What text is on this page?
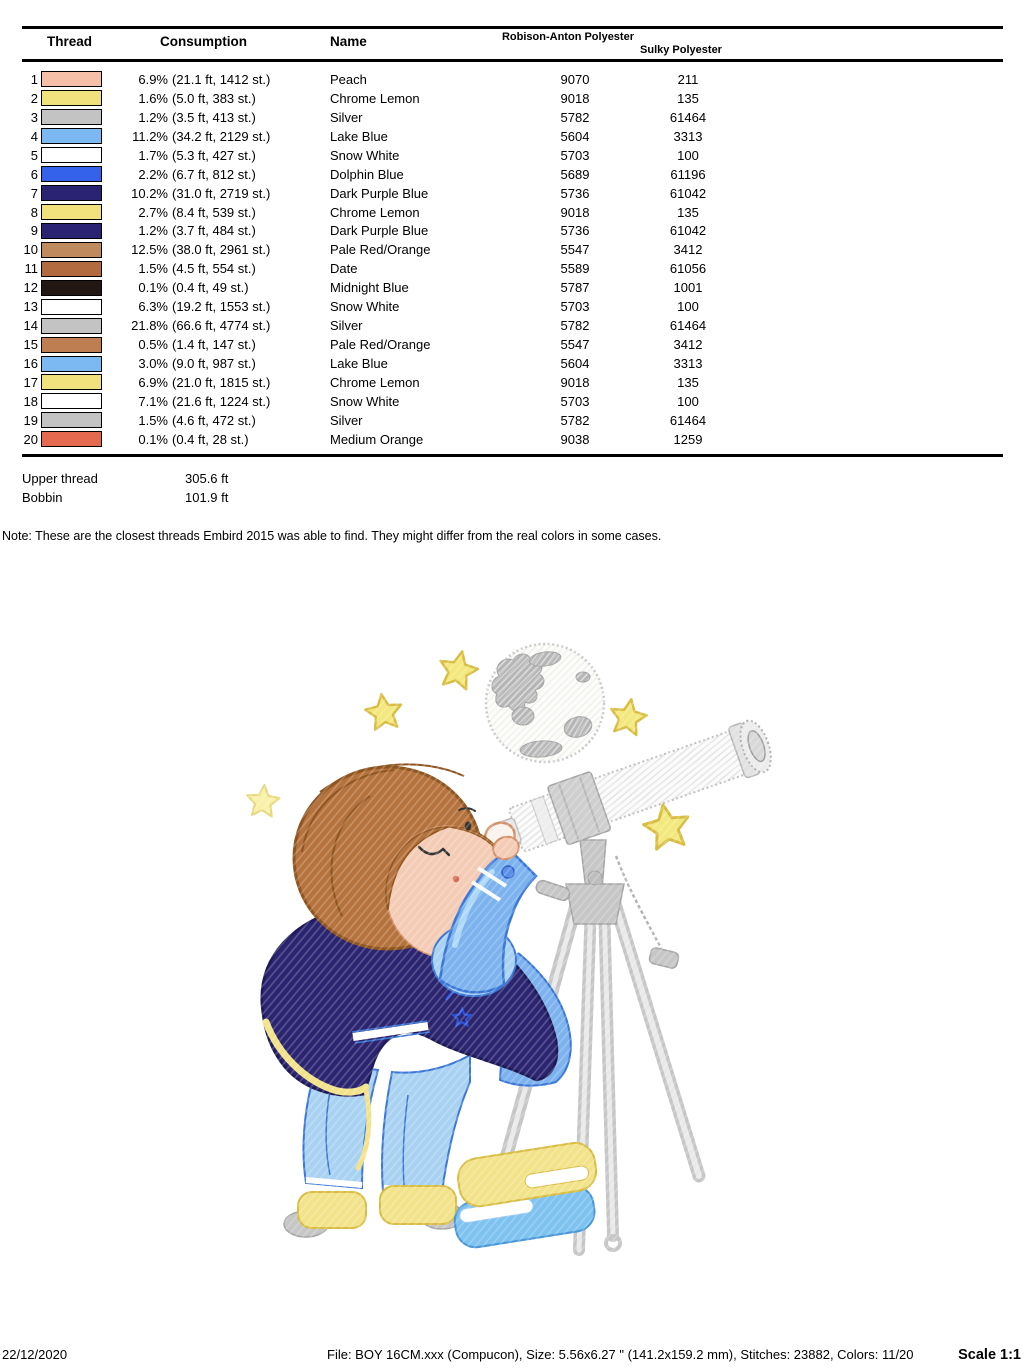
Thread	Consumption	Name	Robison-Anton Polyester
Sulky Polyester
1	6.9% (21.1 ft, 1412 st.)	Peach	9070	211
2	1.6% (5.0 ft, 383 st.)	Chrome Lemon	9018	135
3	1.2% (3.5 ft, 413 st.)	Silver	5782	61464
4	11.2% (34.2 ft, 2129 st.)	Lake Blue	5604	3313
5	1.7% (5.3 ft, 427 st.)	Snow White	5703	100
6	2.2% (6.7 ft, 812 st.)	Dolphin Blue	5689	61196
7	10.2% (31.0 ft, 2719 st.)	Dark Purple Blue	5736	61042
8	2.7% (8.4 ft, 539 st.)	Chrome Lemon	9018	135
9	1.2% (3.7 ft, 484 st.)	Dark Purple Blue	5736	61042
10	12.5% (38.0 ft, 2961 st.)	Pale Red/Orange	5547	3412
11	1.5% (4.5 ft, 554 st.)	Date	5589	61056
12	0.1% (0.4 ft, 49 st.)	Midnight Blue	5787	1001
13	6.3% (19.2 ft, 1553 st.)	Snow White	5703	100
14	21.8% (66.6 ft, 4774 st.)	Silver	5782	61464
15	0.5% (1.4 ft, 147 st.)	Pale Red/Orange	5547	3412
16	3.0% (9.0 ft, 987 st.)	Lake Blue	5604	3313
17	6.9% (21.0 ft, 1815 st.)	Chrome Lemon	9018	135
18	7.1% (21.6 ft, 1224 st.)	Snow White	5703	100
19	1.5% (4.6 ft, 472 st.)	Silver	5782	61464
20	0.1% (0.4 ft, 28 st.)	Medium Orange	9038	1259
Upper thread	305.6 ft
Bobbin	101.9 ft
Note: These are the closest threads Embird 2015 was able to find. They might differ from the real colors in some cases.
22/12/2020	File: BOY 16CM.xxx (Compucon), Size: 5.56x6.27 " (141.2x159.2 mm), Stitches: 23882, Colors: 11/20	Scale 1:1
